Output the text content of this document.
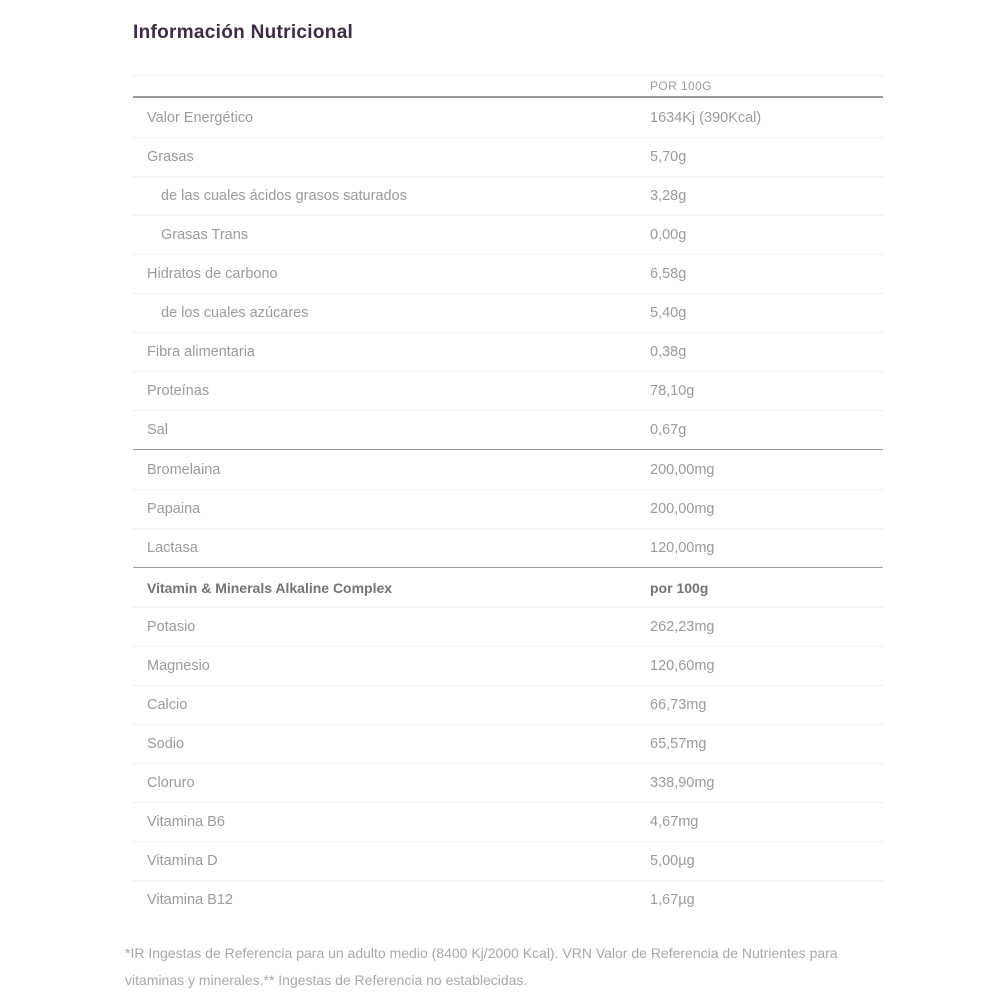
Información Nutricional
POR 100G
Valor Energético	1634Kj (390Kcal)
Grasas	5,70g
de las cuales ácidos grasos saturados	3,28g
Grasas Trans	0,00g
Hidratos de carbono	6,58g
de los cuales azúcares	5,40g
Fibra alimentaria	0,38g
Proteínas	78,10g
Sal	0,67g
Bromelaina	200,00mg
Papaina	200,00mg
Lactasa	120,00mg
Vitamin & Minerals Alkaline Complex	por 100g
Potasio	262,23mg
Magnesio	120,60mg
Calcio	66,73mg
Sodio	65,57mg
Cloruro	338,90mg
Vitamina B6	4,67mg
Vitamina D	5,00µg
Vitamina B12	1,67µg

*IR Ingestas de Referencia para un adulto medio (8400 Kj/2000 Kcal). VRN Valor de Referencia de Nutrientes para vitaminas y minerales.** Ingestas de Referencia no establecidas.
